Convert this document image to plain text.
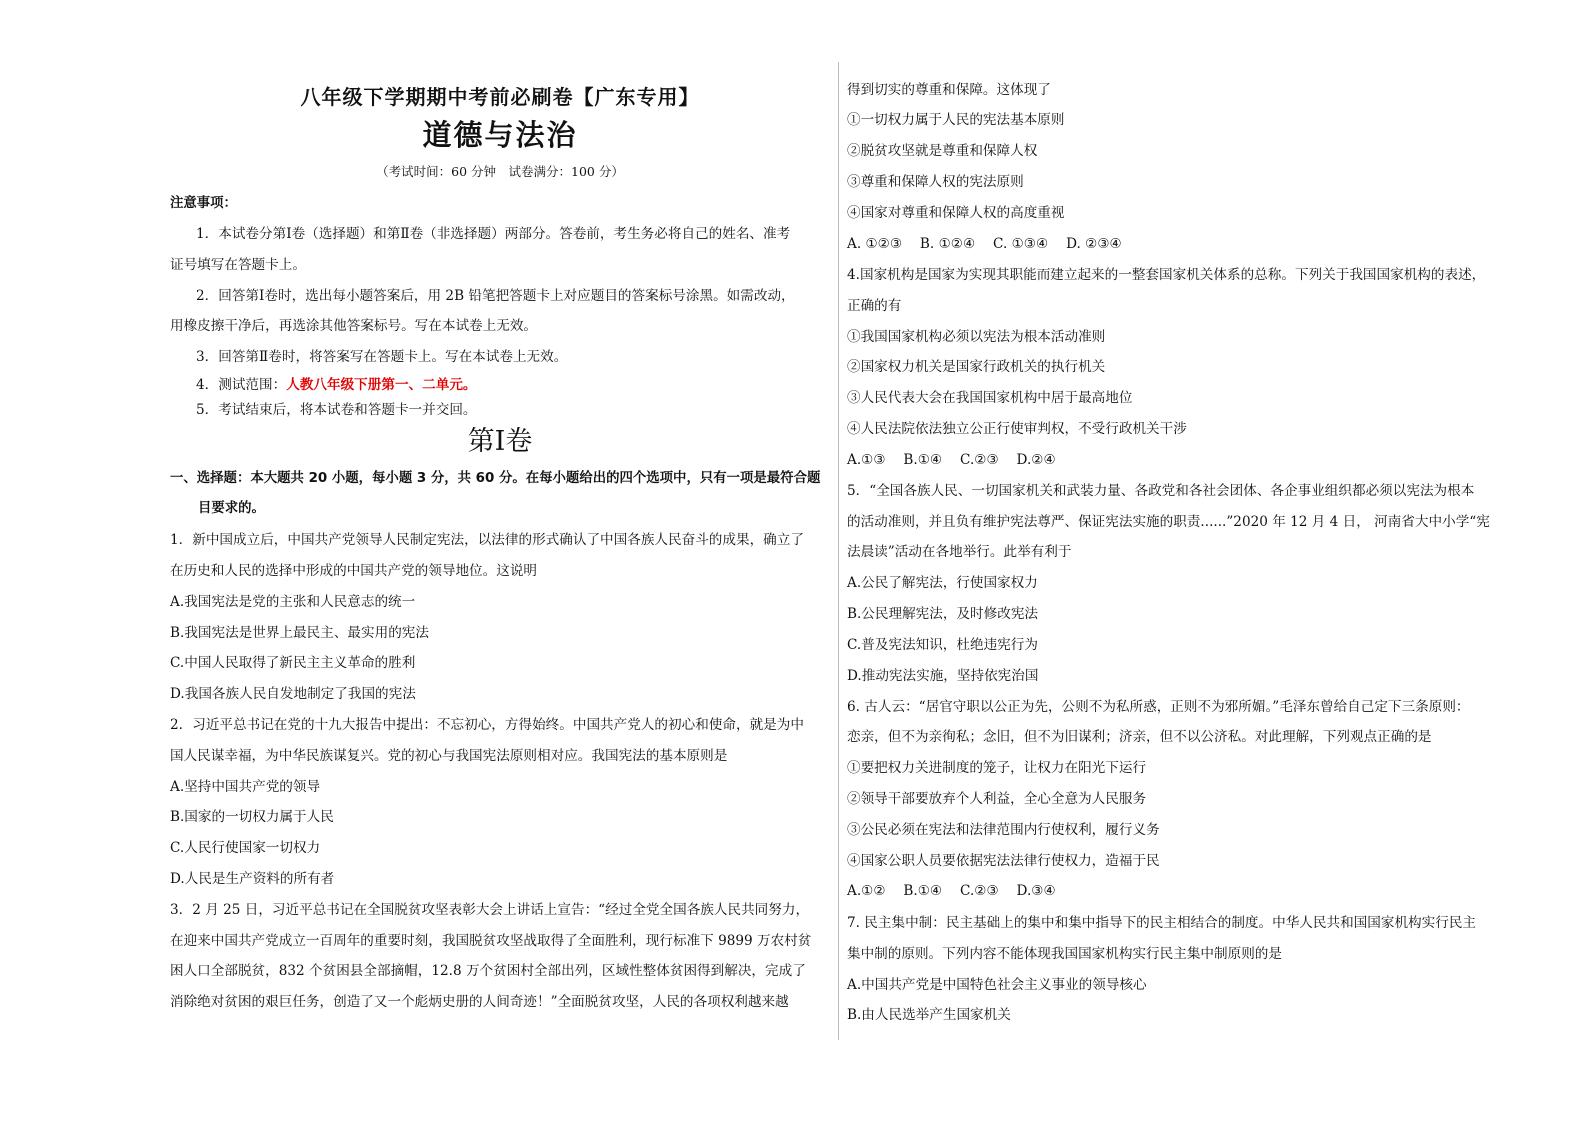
八年级下学期期中考前必刷卷【广东专用】
道德与法治
（考试时间：60 分钟　试卷满分：100 分）
注意事项：
1．本试卷分第Ⅰ卷（选择题）和第Ⅱ卷（非选择题）两部分。答卷前，考生务必将自己的姓名、准考
证号填写在答题卡上。
2．回答第Ⅰ卷时，选出每小题答案后，用 2B 铅笔把答题卡上对应题目的答案标号涂黑。如需改动，
用橡皮擦干净后，再选涂其他答案标号。写在本试卷上无效。
3．回答第Ⅱ卷时，将答案写在答题卡上。写在本试卷上无效。
4．测试范围：人教八年级下册第一、二单元。
5．考试结束后，将本试卷和答题卡一并交回。
第Ⅰ卷
一、选择题：本大题共 20 小题，每小题 3 分，共 60 分。在每小题给出的四个选项中，只有一项是最符合题
目要求的。
1．新中国成立后，中国共产党领导人民制定宪法，以法律的形式确认了中国各族人民奋斗的成果，确立了
在历史和人民的选择中形成的中国共产党的领导地位。这说明
A.我国宪法是党的主张和人民意志的统一
B.我国宪法是世界上最民主、最实用的宪法
C.中国人民取得了新民主主义革命的胜利
D.我国各族人民自发地制定了我国的宪法
2．习近平总书记在党的十九大报告中提出：不忘初心，方得始终。中国共产党人的初心和使命，就是为中
国人民谋幸福，为中华民族谋复兴。党的初心与我国宪法原则相对应。我国宪法的基本原则是
A.坚持中国共产党的领导
B.国家的一切权力属于人民
C.人民行使国家一切权力
D.人民是生产资料的所有者
3．2 月 25 日，习近平总书记在全国脱贫攻坚表彰大会上讲话上宣告：“经过全党全国各族人民共同努力，
在迎来中国共产党成立一百周年的重要时刻，我国脱贫攻坚战取得了全面胜利，现行标准下 9899 万农村贫
困人口全部脱贫，832 个贫困县全部摘帽，12.8 万个贫困村全部出列，区域性整体贫困得到解决，完成了
消除绝对贫困的艰巨任务，创造了又一个彪炳史册的人间奇迹！”全面脱贫攻坚，人民的各项权利越来越
得到切实的尊重和保障。这体现了
①一切权力属于人民的宪法基本原则
②脱贫攻坚就是尊重和保障人权
③尊重和保障人权的宪法原则
④国家对尊重和保障人权的高度重视
A. ①②③　 B. ①②④　 C. ①③④　 D. ②③④
4.国家机构是国家为实现其职能而建立起来的一整套国家机关体系的总称。下列关于我国国家机构的表述，
正确的有
①我国国家机构必须以宪法为根本活动准则
②国家权力机关是国家行政机关的执行机关
③人民代表大会在我国国家机构中居于最高地位
④人民法院依法独立公正行使审判权，不受行政机关干涉
A.①③　 B.①④　 C.②③　 D.②④
5．“全国各族人民、一切国家机关和武装力量、各政党和各社会团体、各企事业组织都必须以宪法为根本
的活动准则，并且负有维护宪法尊严、保证宪法实施的职责......”2020 年 12 月 4 日， 河南省大中小学“宪
法晨读”活动在各地举行。此举有利于
A.公民了解宪法，行使国家权力
B.公民理解宪法，及时修改宪法
C.普及宪法知识，杜绝违宪行为
D.推动宪法实施，坚持依宪治国
6. 古人云：“居官守职以公正为先，公则不为私所惑，正则不为邪所媚。”毛泽东曾给自己定下三条原则：
恋亲，但不为亲徇私；念旧，但不为旧谋利；济亲，但不以公济私。对此理解，下列观点正确的是
①要把权力关进制度的笼子，让权力在阳光下运行
②领导干部要放弃个人利益，全心全意为人民服务
③公民必须在宪法和法律范围内行使权利，履行义务
④国家公职人员要依据宪法法律行使权力，造福于民
A.①②　 B.①④　 C.②③　 D.③④
7. 民主集中制：民主基础上的集中和集中指导下的民主相结合的制度。中华人民共和国国家机构实行民主
集中制的原则。下列内容不能体现我国国家机构实行民主集中制原则的是
A.中国共产党是中国特色社会主义事业的领导核心
B.由人民选举产生国家机关
